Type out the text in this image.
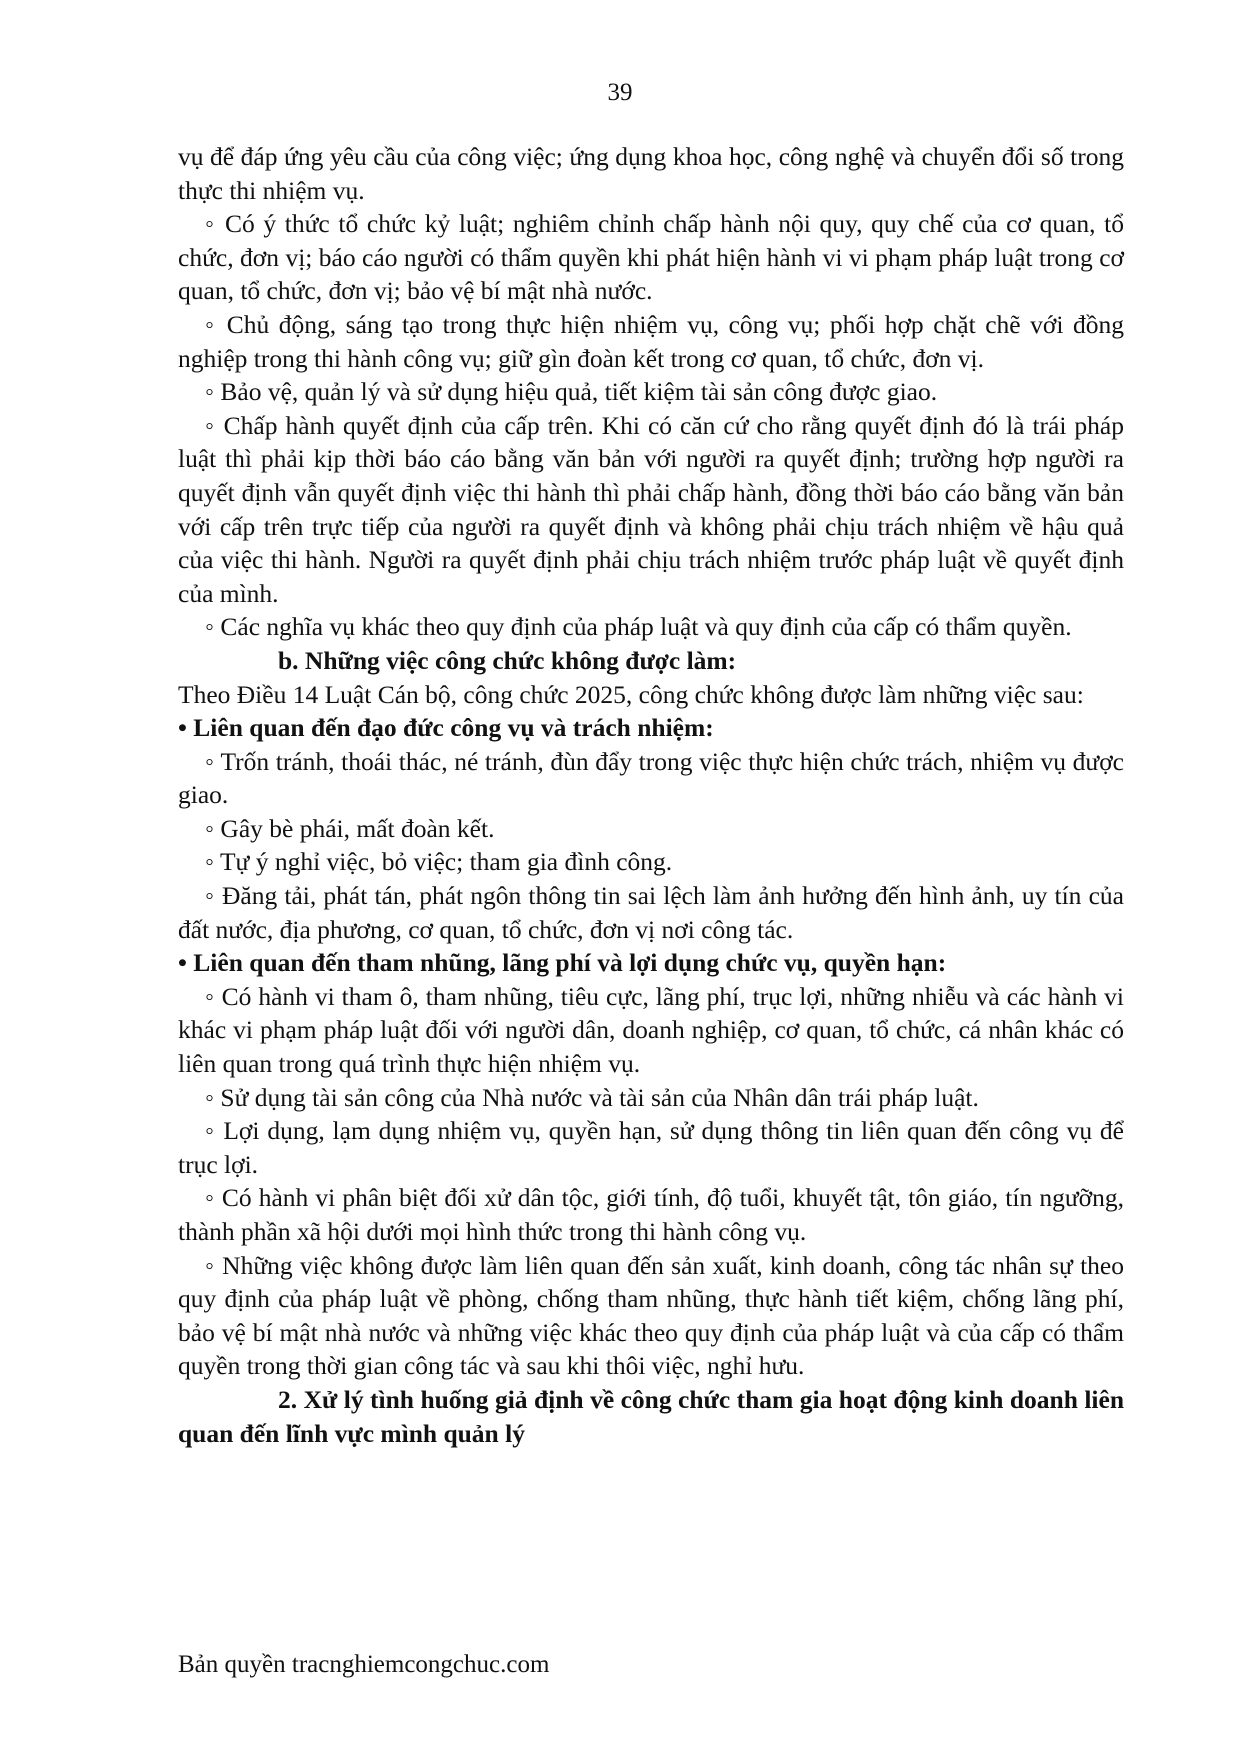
39

vụ để đáp ứng yêu cầu của công việc; ứng dụng khoa học, công nghệ và chuyển đổi số trong thực thi nhiệm vụ.

◦ Có ý thức tổ chức kỷ luật; nghiêm chỉnh chấp hành nội quy, quy chế của cơ quan, tổ chức, đơn vị; báo cáo người có thẩm quyền khi phát hiện hành vi vi phạm pháp luật trong cơ quan, tổ chức, đơn vị; bảo vệ bí mật nhà nước.

◦ Chủ động, sáng tạo trong thực hiện nhiệm vụ, công vụ; phối hợp chặt chẽ với đồng nghiệp trong thi hành công vụ; giữ gìn đoàn kết trong cơ quan, tổ chức, đơn vị.

◦ Bảo vệ, quản lý và sử dụng hiệu quả, tiết kiệm tài sản công được giao.

◦ Chấp hành quyết định của cấp trên. Khi có căn cứ cho rằng quyết định đó là trái pháp luật thì phải kịp thời báo cáo bằng văn bản với người ra quyết định; trường hợp người ra quyết định vẫn quyết định việc thi hành thì phải chấp hành, đồng thời báo cáo bằng văn bản với cấp trên trực tiếp của người ra quyết định và không phải chịu trách nhiệm về hậu quả của việc thi hành. Người ra quyết định phải chịu trách nhiệm trước pháp luật về quyết định của mình.

◦ Các nghĩa vụ khác theo quy định của pháp luật và quy định của cấp có thẩm quyền.

b. Những việc công chức không được làm:

Theo Điều 14 Luật Cán bộ, công chức 2025, công chức không được làm những việc sau:

• Liên quan đến đạo đức công vụ và trách nhiệm:

◦ Trốn tránh, thoái thác, né tránh, đùn đẩy trong việc thực hiện chức trách, nhiệm vụ được giao.

◦ Gây bè phái, mất đoàn kết.

◦ Tự ý nghỉ việc, bỏ việc; tham gia đình công.

◦ Đăng tải, phát tán, phát ngôn thông tin sai lệch làm ảnh hưởng đến hình ảnh, uy tín của đất nước, địa phương, cơ quan, tổ chức, đơn vị nơi công tác.

• Liên quan đến tham nhũng, lãng phí và lợi dụng chức vụ, quyền hạn:

◦ Có hành vi tham ô, tham nhũng, tiêu cực, lãng phí, trục lợi, những nhiễu và các hành vi khác vi phạm pháp luật đối với người dân, doanh nghiệp, cơ quan, tổ chức, cá nhân khác có liên quan trong quá trình thực hiện nhiệm vụ.

◦ Sử dụng tài sản công của Nhà nước và tài sản của Nhân dân trái pháp luật.

◦ Lợi dụng, lạm dụng nhiệm vụ, quyền hạn, sử dụng thông tin liên quan đến công vụ để trục lợi.

◦ Có hành vi phân biệt đối xử dân tộc, giới tính, độ tuổi, khuyết tật, tôn giáo, tín ngưỡng, thành phần xã hội dưới mọi hình thức trong thi hành công vụ.

◦ Những việc không được làm liên quan đến sản xuất, kinh doanh, công tác nhân sự theo quy định của pháp luật về phòng, chống tham nhũng, thực hành tiết kiệm, chống lãng phí, bảo vệ bí mật nhà nước và những việc khác theo quy định của pháp luật và của cấp có thẩm quyền trong thời gian công tác và sau khi thôi việc, nghỉ hưu.

2. Xử lý tình huống giả định về công chức tham gia hoạt động kinh doanh liên quan đến lĩnh vực mình quản lý

Bản quyền tracnghiemcongchuc.com
